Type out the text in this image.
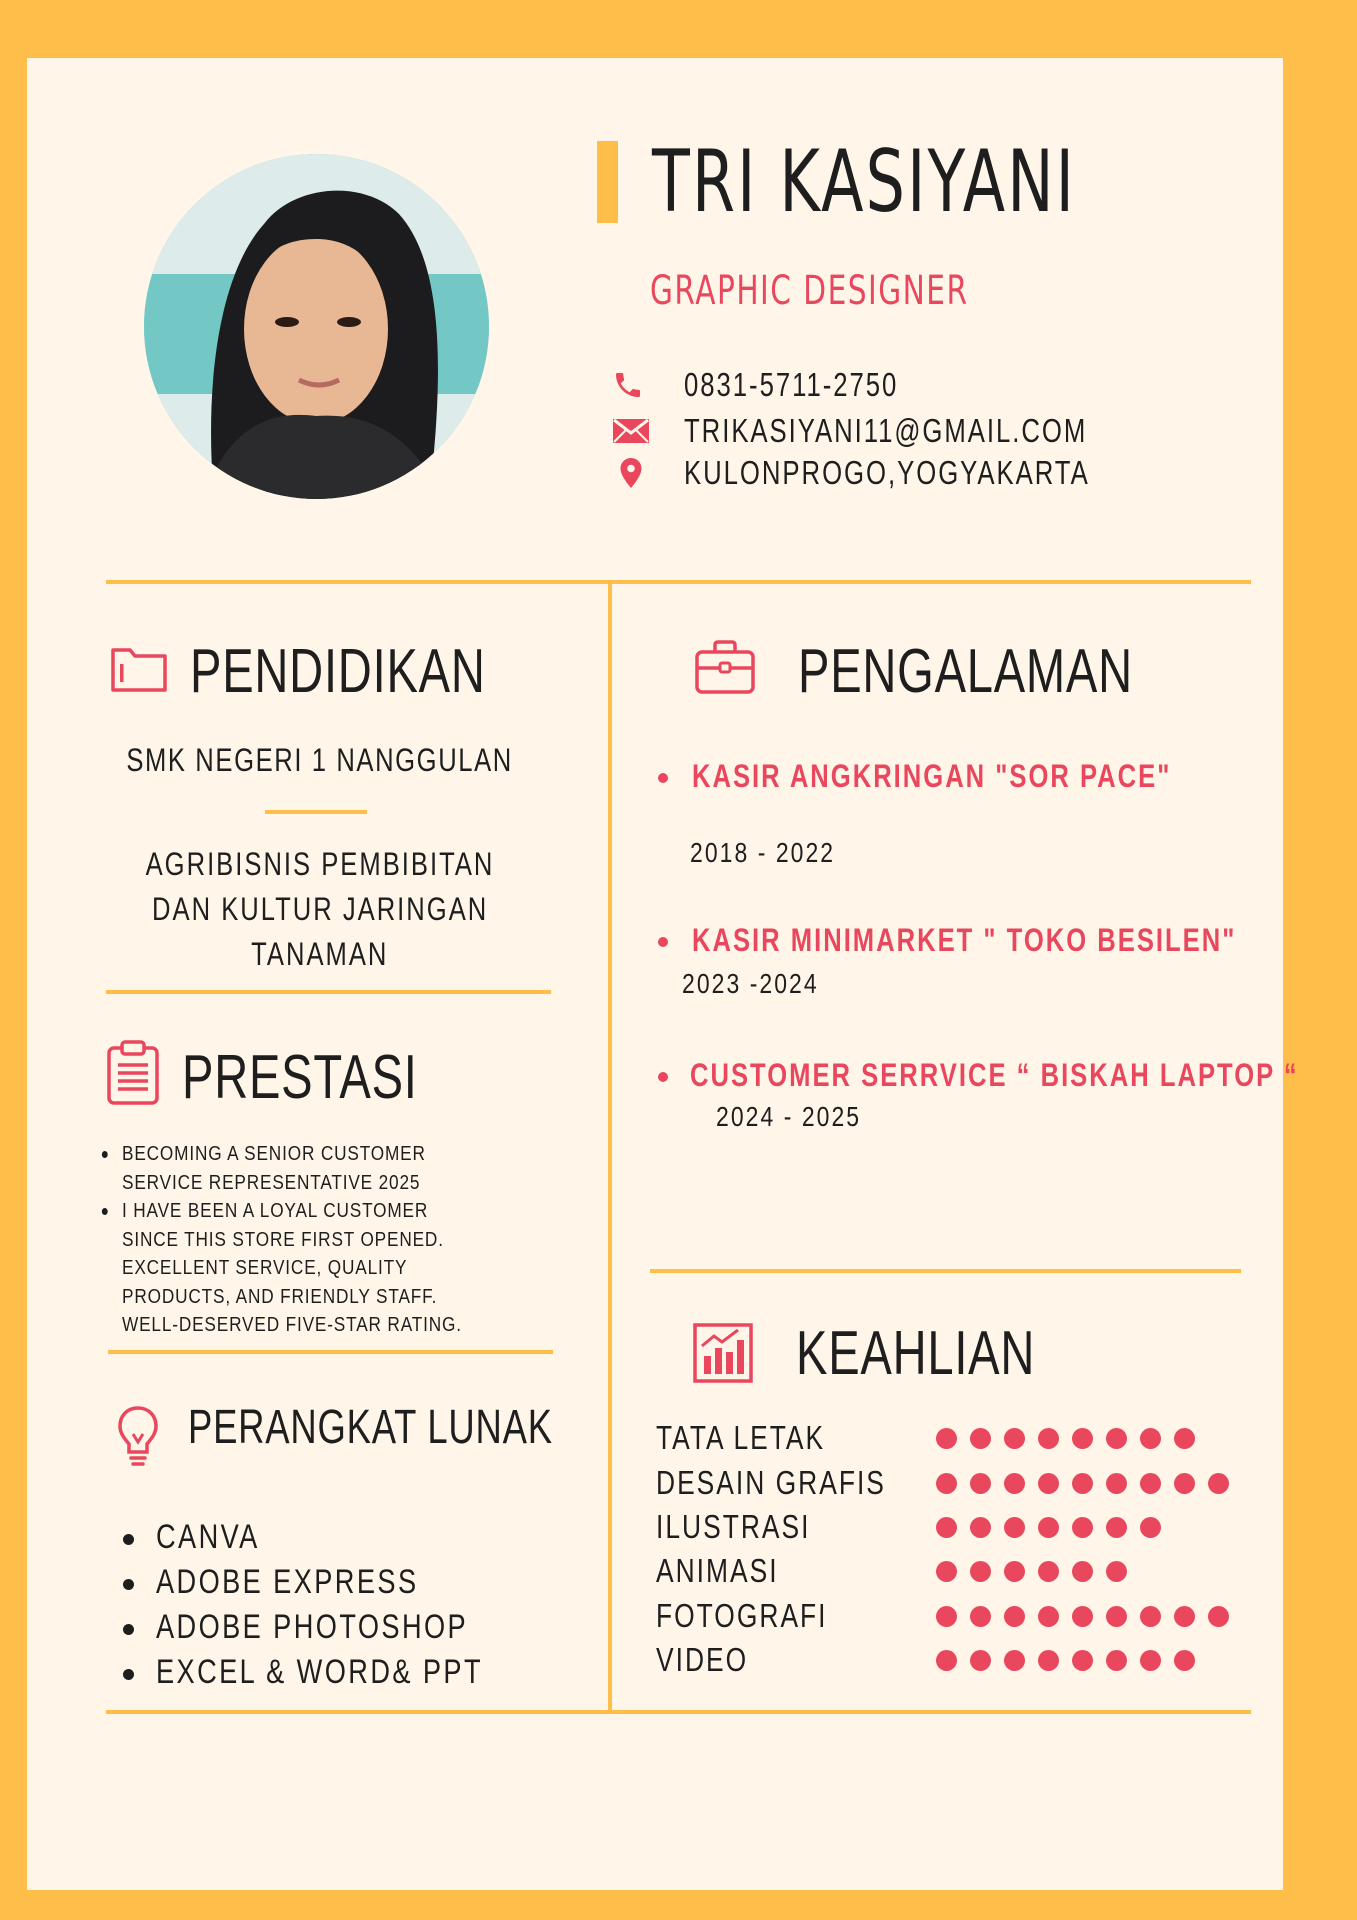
TRI KASIYANI
GRAPHIC DESIGNER
0831-5711-2750
TRIKASIYANI11@GMAIL.COM
KULONPROGO,YOGYAKARTA
PENDIDIKAN
SMK NEGERI 1 NANGGULAN
AGRIBISNIS PEMBIBITAN
DAN KULTUR JARINGAN
TANAMAN
PRESTASI
BECOMING A SENIOR CUSTOMER
SERVICE REPRESENTATIVE 2025
I HAVE BEEN A LOYAL CUSTOMER
SINCE THIS STORE FIRST OPENED.
EXCELLENT SERVICE, QUALITY
PRODUCTS, AND FRIENDLY STAFF.
WELL-DESERVED FIVE-STAR RATING.
PERANGKAT LUNAK
CANVA
ADOBE EXPRESS
ADOBE PHOTOSHOP
EXCEL & WORD& PPT
PENGALAMAN
KASIR ANGKRINGAN "SOR PACE"
2018 - 2022
KASIR MINIMARKET " TOKO BESILEN"
2023 -2024
CUSTOMER SERRVICE “ BISKAH LAPTOP “
2024 - 2025
KEAHLIAN
TATA LETAK
DESAIN GRAFIS
ILUSTRASI
ANIMASI
FOTOGRAFI
VIDEO
